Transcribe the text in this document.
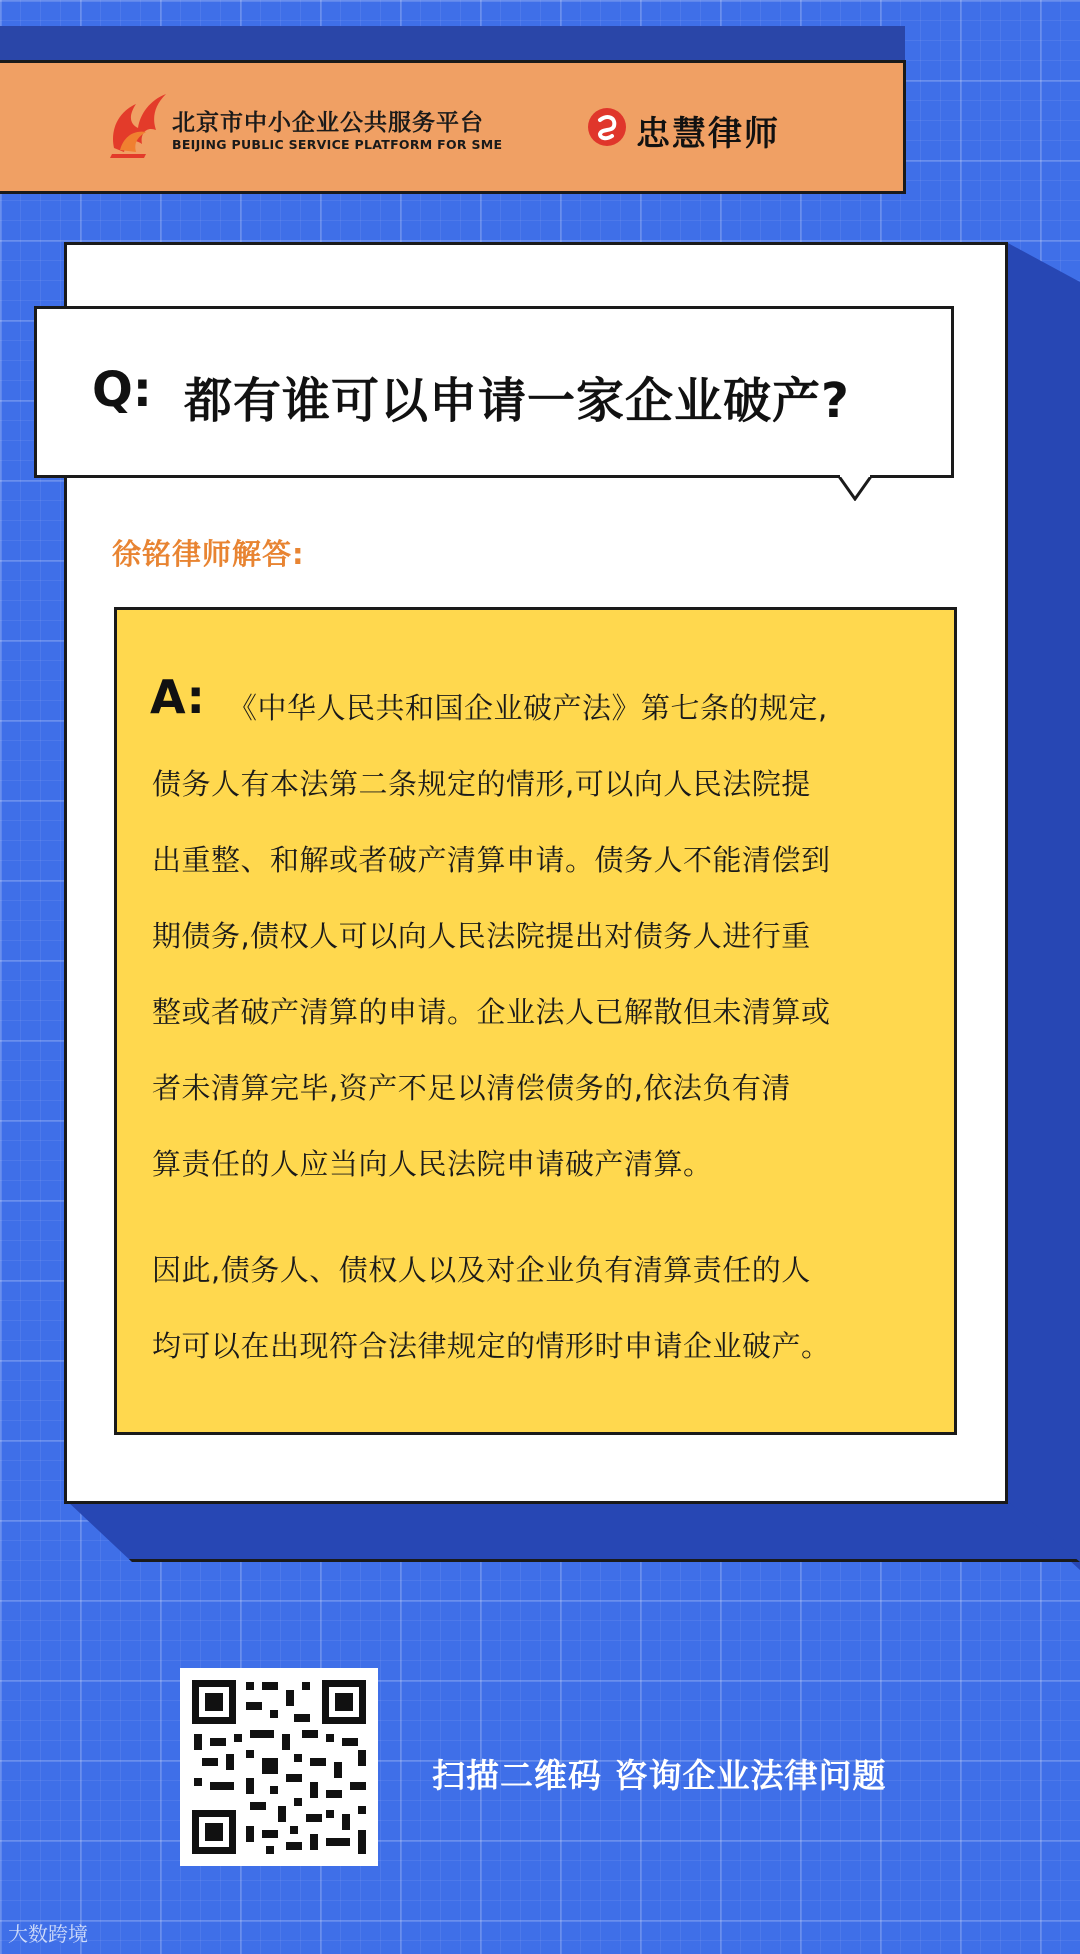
北京市中小企业公共服务平台
BEIJING PUBLIC SERVICE PLATFORM FOR SME	忠慧律师
Q: 都有谁可以申请一家企业破产?
徐铭律师解答:
A: 《中华人民共和国企业破产法》第七条的规定,
债务人有本法第二条规定的情形,可以向人民法院提
出重整、和解或者破产清算申请。债务人不能清偿到
期债务,债权人可以向人民法院提出对债务人进行重
整或者破产清算的申请。企业法人已解散但未清算或
者未清算完毕,资产不足以清偿债务的,依法负有清
算责任的人应当向人民法院申请破产清算。
因此,债务人、债权人以及对企业负有清算责任的人
均可以在出现符合法律规定的情形时申请企业破产。
扫描二维码 咨询企业法律问题
大数跨境
